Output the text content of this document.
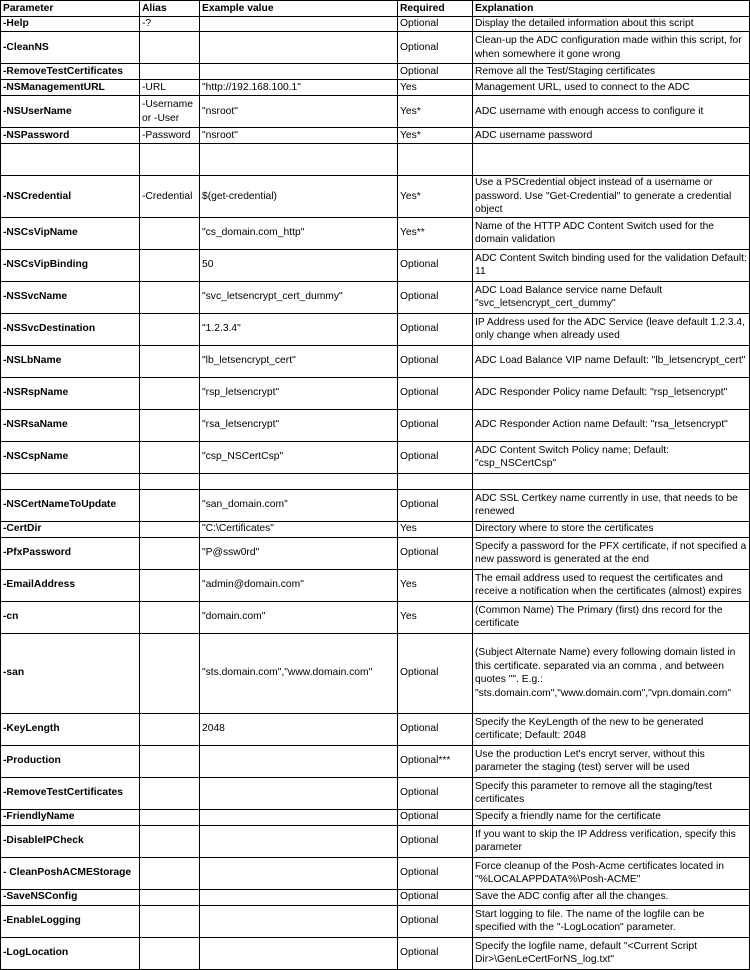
Parameter	Alias	Example value	Required	Explanation
-Help	-?		Optional	Display the detailed information about this script
-CleanNS			Optional	Clean-up the ADC configuration made within this script, for when somewhere it gone wrong
-RemoveTestCertificates			Optional	Remove all the Test/Staging certificates
-NSManagementURL	-URL	"http://192.168.100.1"	Yes	Management URL, used to connect to the ADC
-NSUserName	-Username or -User	"nsroot"	Yes*	ADC username with enough access to configure it
-NSPassword	-Password	"nsroot"	Yes*	ADC username password

-NSCredential	-Credential	$(get-credential)	Yes*	Use a PSCredential object instead of a username or password. Use "Get-Credential" to generate a credential object
-NSCsVipName		"cs_domain.com_http"	Yes**	Name of the HTTP ADC Content Switch used for the domain validation
-NSCsVipBinding		50	Optional	ADC Content Switch binding used for the validation Default: 11
-NSSvcName		"svc_letsencrypt_cert_dummy"	Optional	ADC Load Balance service name Default "svc_letsencrypt_cert_dummy"
-NSSvcDestination		"1.2.3.4"	Optional	IP Address used for the ADC Service (leave default 1.2.3.4, only change when already used
-NSLbName		"lb_letsencrypt_cert"	Optional	ADC Load Balance VIP name Default: "lb_letsencrypt_cert"
-NSRspName		"rsp_letsencrypt"	Optional	ADC Responder Policy name Default: "rsp_letsencrypt"
-NSRsaName		"rsa_letsencrypt"	Optional	ADC Responder Action name Default: "rsa_letsencrypt"
-NSCspName		"csp_NSCertCsp"	Optional	ADC Content Switch Policy name; Default: "csp_NSCertCsp"

-NSCertNameToUpdate		"san_domain.com"	Optional	ADC SSL Certkey name currently in use, that needs to be renewed
-CertDir		"C:\Certificates"	Yes	Directory where to store the certificates
-PfxPassword		"P@ssw0rd"	Optional	Specify a password for the PFX certificate, if not specified a new password is generated at the end
-EmailAddress		"admin@domain.com"	Yes	The email address used to request the certificates and receive a notification when the certificates (almost) expires
-cn		"domain.com"	Yes	(Common Name) The Primary (first) dns record for the certificate
-san		"sts.domain.com","www.domain.com"	Optional	(Subject Alternate Name) every following domain listed in this certificate. separated via an comma , and between quotes "". E.g.: "sts.domain.com","www.domain.com","vpn.domain.com"
-KeyLength		2048	Optional	Specify the KeyLength of the new to be generated certificate; Default: 2048
-Production			Optional***	Use the production Let's encryt server, without this parameter the staging (test) server will be used
-RemoveTestCertificates			Optional	Specify this parameter to remove all the staging/test certificates
-FriendlyName			Optional	Specify a friendly name for the certificate
-DisableIPCheck			Optional	If you want to skip the IP Address verification, specify this parameter
- CleanPoshACMEStorage			Optional	Force cleanup of the Posh-Acme certificates located in "%LOCALAPPDATA%\Posh-ACME"
-SaveNSConfig			Optional	Save the ADC config after all the changes.
-EnableLogging			Optional	Start logging to file. The name of the logfile can be specified with the "-LogLocation" parameter.
-LogLocation			Optional	Specify the logfile name, default "<Current Script Dir>\GenLeCertForNS_log.txt"
